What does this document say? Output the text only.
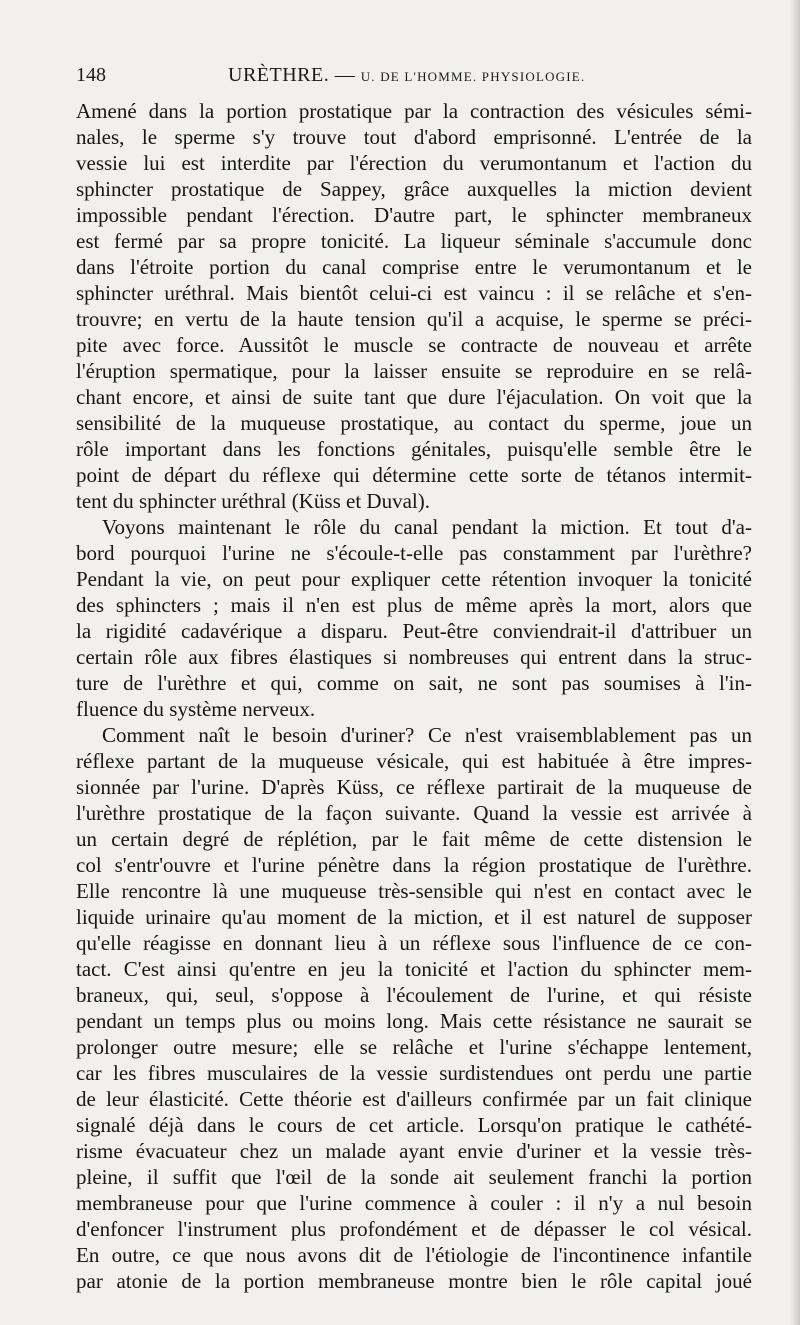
148	URÈTHRE. — U. DE L'HOMME. PHYSIOLOGIE.
Amené dans la portion prostatique par la contraction des vésicules sémi-
nales, le sperme s'y trouve tout d'abord emprisonné. L'entrée de la
vessie lui est interdite par l'érection du verumontanum et l'action du
sphincter prostatique de Sappey, grâce auxquelles la miction devient
impossible pendant l'érection. D'autre part, le sphincter membraneux
est fermé par sa propre tonicité. La liqueur séminale s'accumule donc
dans l'étroite portion du canal comprise entre le verumontanum et le
sphincter uréthral. Mais bientôt celui-ci est vaincu : il se relâche et s'en-
trouvre; en vertu de la haute tension qu'il a acquise, le sperme se préci-
pite avec force. Aussitôt le muscle se contracte de nouveau et arrête
l'éruption spermatique, pour la laisser ensuite se reproduire en se relâ-
chant encore, et ainsi de suite tant que dure l'éjaculation. On voit que la
sensibilité de la muqueuse prostatique, au contact du sperme, joue un
rôle important dans les fonctions génitales, puisqu'elle semble être le
point de départ du réflexe qui détermine cette sorte de tétanos intermit-
tent du sphincter uréthral (Küss et Duval).
Voyons maintenant le rôle du canal pendant la miction. Et tout d'a-
bord pourquoi l'urine ne s'écoule-t-elle pas constamment par l'urèthre?
Pendant la vie, on peut pour expliquer cette rétention invoquer la tonicité
des sphincters ; mais il n'en est plus de même après la mort, alors que
la rigidité cadavérique a disparu. Peut-être conviendrait-il d'attribuer un
certain rôle aux fibres élastiques si nombreuses qui entrent dans la struc-
ture de l'urèthre et qui, comme on sait, ne sont pas soumises à l'in-
fluence du système nerveux.
Comment naît le besoin d'uriner? Ce n'est vraisemblablement pas un
réflexe partant de la muqueuse vésicale, qui est habituée à être impres-
sionnée par l'urine. D'après Küss, ce réflexe partirait de la muqueuse de
l'urèthre prostatique de la façon suivante. Quand la vessie est arrivée à
un certain degré de réplétion, par le fait même de cette distension le
col s'entr'ouvre et l'urine pénètre dans la région prostatique de l'urèthre.
Elle rencontre là une muqueuse très-sensible qui n'est en contact avec le
liquide urinaire qu'au moment de la miction, et il est naturel de supposer
qu'elle réagisse en donnant lieu à un réflexe sous l'influence de ce con-
tact. C'est ainsi qu'entre en jeu la tonicité et l'action du sphincter mem-
braneux, qui, seul, s'oppose à l'écoulement de l'urine, et qui résiste
pendant un temps plus ou moins long. Mais cette résistance ne saurait se
prolonger outre mesure; elle se relâche et l'urine s'échappe lentement,
car les fibres musculaires de la vessie surdistendues ont perdu une partie
de leur élasticité. Cette théorie est d'ailleurs confirmée par un fait clinique
signalé déjà dans le cours de cet article. Lorsqu'on pratique le cathété-
risme évacuateur chez un malade ayant envie d'uriner et la vessie très-
pleine, il suffit que l'œil de la sonde ait seulement franchi la portion
membraneuse pour que l'urine commence à couler : il n'y a nul besoin
d'enfoncer l'instrument plus profondément et de dépasser le col vésical.
En outre, ce que nous avons dit de l'étiologie de l'incontinence infantile
par atonie de la portion membraneuse montre bien le rôle capital joué
